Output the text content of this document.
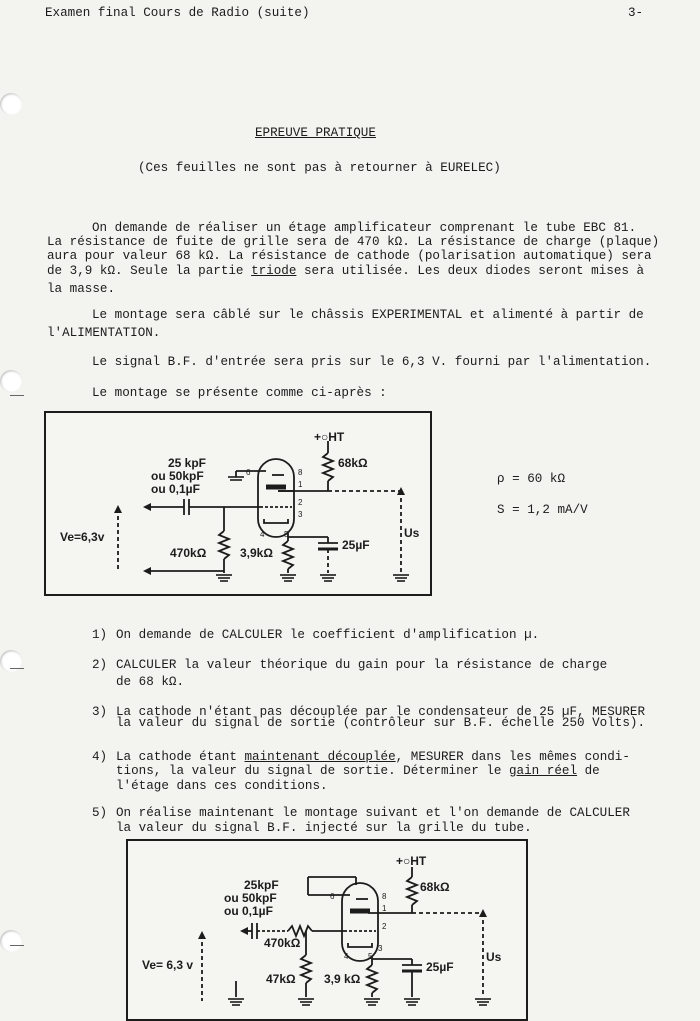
Examen final Cours de Radio (suite)	3-
EPREUVE PRATIQUE
(Ces feuilles ne sont pas à retourner à EURELEC)
On demande de réaliser un étage amplificateur comprenant le tube EBC 81.
La résistance de fuite de grille sera de 470 kΩ. La résistance de charge (plaque)
aura pour valeur 68 kΩ. La résistance de cathode (polarisation automatique) sera
de 3,9 kΩ. Seule la partie triode sera utilisée. Les deux diodes seront mises à
la masse.
Le montage sera câblé sur le châssis EXPERIMENTAL et alimenté à partir de
l'ALIMENTATION.
Le signal B.F. d'entrée sera pris sur le 6,3 V. fourni par l'alimentation.
Le montage se présente comme ci-après :
+○HT
68kΩ
25 kpF
ou 50kpF
ou 0,1µF
470kΩ	3,9kΩ
25µF
Ve=6,3v	Us
6	8
1
2
3
4 5
ρ = 60 kΩ
S = 1,2 mA/V
1) On demande de CALCULER le coefficient d'amplification µ.
2) CALCULER la valeur théorique du gain pour la résistance de charge
de 68 kΩ.
3) La cathode n'étant pas découplée par le condensateur de 25 µF, MESURER
la valeur du signal de sortie (contrôleur sur B.F. échelle 250 Volts).
4) La cathode étant maintenant découplée, MESURER dans les mêmes condi-
tions, la valeur du signal de sortie. Déterminer le gain réel de
l'étage dans ces conditions.
5) On réalise maintenant le montage suivant et l'on demande de CALCULER
la valeur du signal B.F. injecté sur la grille du tube.
+○HT
68kΩ
25kpF
ou 50kpF
ou 0,1µF
470kΩ
47kΩ 3,9 kΩ
25µF
Ve= 6,3 v
Us
6	8
1
2
3
4 5
